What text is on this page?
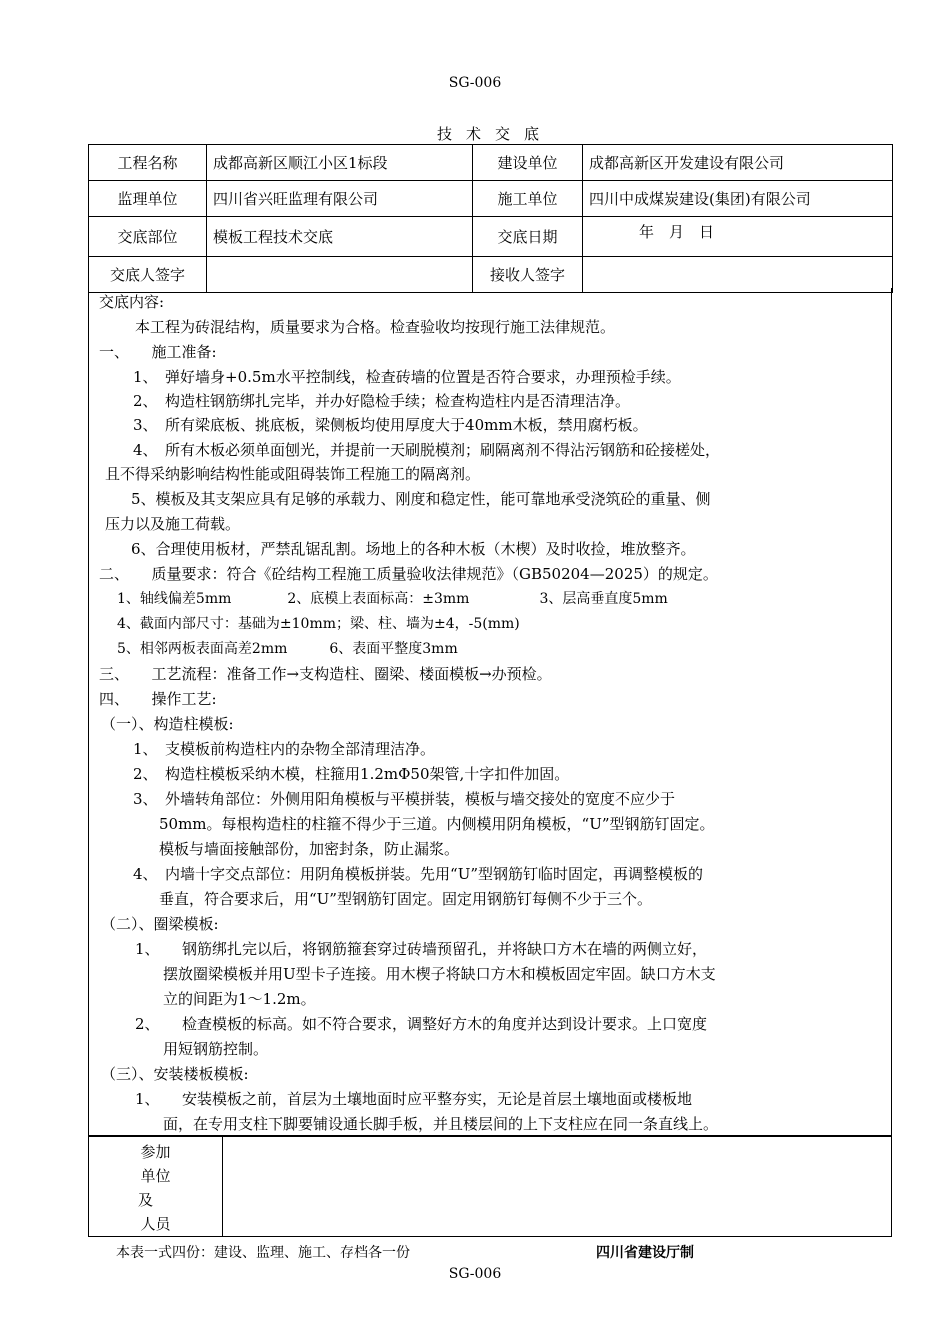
SG-006
技术交底
工程名称	成都高新区顺江小区1标段	建设单位	成都高新区开发建设有限公司
监理单位	四川省兴旺监理有限公司	施工单位	四川中成煤炭建设(集团)有限公司
交底部位	模板工程技术交底	交底日期	年　月　日
交底人签字		接收人签字	
交底内容:
本工程为砖混结构，质量要求为合格。检查验收均按现行施工法律规范。
一、　　施工准备:
1、　弹好墙身+0.5m水平控制线，检查砖墙的位置是否符合要求，办理预检手续。
2、　构造柱钢筋绑扎完毕，并办好隐检手续；检查构造柱内是否清理洁净。
3、　所有梁底板、挑底板，梁侧板均使用厚度大于40mm木板，禁用腐朽板。
4、　所有木板必须单面刨光，并提前一天刷脱模剂；刷隔离剂不得沾污钢筋和砼接槎处，
且不得采纳影响结构性能或阻碍装饰工程施工的隔离剂。
5、模板及其支架应具有足够的承载力、刚度和稳定性，能可靠地承受浇筑砼的重量、侧
压力以及施工荷载。
6、合理使用板材，严禁乱锯乱割。场地上的各种木板（木楔）及时收捡，堆放整齐。
二、　　质量要求：符合《砼结构工程施工质量验收法律规范》（GB50204—2025）的规定。
1、轴线偏差5mm　　　　2、底模上表面标高：±3mm　　　　　3、层高垂直度5mm
4、截面内部尺寸：基础为±10mm；梁、柱、墙为±4，-5(mm)
5、相邻两板表面高差2mm　　　6、表面平整度3mm
三、　　工艺流程：准备工作→支构造柱、圈梁、楼面模板→办预检。
四、　　操作工艺:
（一）、构造柱模板:
1、　支模板前构造柱内的杂物全部清理洁净。
2、　构造柱模板采纳木模，柱箍用1.2mΦ50架管,十字扣件加固。
3、　外墙转角部位：外侧用阳角模板与平模拼装，模板与墙交接处的宽度不应少于
50mm。每根构造柱的柱箍不得少于三道。内侧模用阴角模板，“U”型钢筋钉固定。
模板与墙面接触部份，加密封条，防止漏浆。
4、　内墙十字交点部位：用阴角模板拼装。先用“U”型钢筋钉临时固定，再调整模板的
垂直，符合要求后，用“U”型钢筋钉固定。固定用钢筋钉每侧不少于三个。
（二）、圈梁模板:
1、　　钢筋绑扎完以后，将钢筋箍套穿过砖墙预留孔，并将缺口方木在墙的两侧立好，
摆放圈梁模板并用U型卡子连接。用木楔子将缺口方木和模板固定牢固。缺口方木支
立的间距为1～1.2m。
2、　　检查模板的标高。如不符合要求，调整好方木的角度并达到设计要求。上口宽度
用短钢筋控制。
（三）、安装楼板模板:
1、　　安装模板之前，首层为土壤地面时应平整夯实，无论是首层土壤地面或楼板地
面，在专用支柱下脚要铺设通长脚手板，并且楼层间的上下支柱应在同一条直线上。
参加
单位
及
人员
本表一式四份：建设、监理、施工、存档各一份	四川省建设厅制
SG-006
